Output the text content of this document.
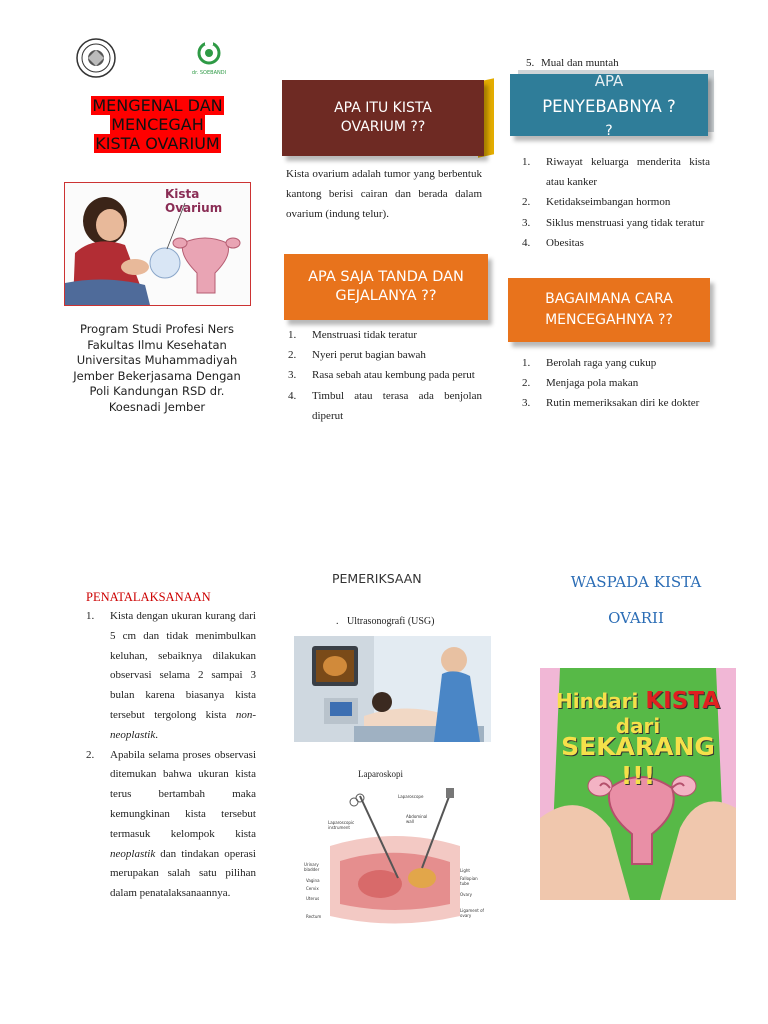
dr. SOEBANDI
MENGENAL DAN
MENCEGAH
KISTA OVARIUM
Kista Ovarium
Program Studi Profesi Ners Fakultas Ilmu Kesehatan Universitas Muhammadiyah Jember Bekerjasama Dengan Poli Kandungan RSD dr. Koesnadi Jember
APA ITU KISTA OVARIUM ??
Kista ovarium adalah tumor yang berbentuk kantong berisi cairan dan berada dalam ovarium (indung telur).
APA SAJA TANDA DAN GEJALANYA ??
1. Menstruasi tidak teratur
2. Nyeri perut bagian bawah
3. Rasa sebah atau kembung pada perut
4. Timbul atau terasa ada benjolan diperut
5. Mual dan muntah
APA
PENYEBABNYA ?
?
1. Riwayat keluarga menderita kista atau kanker
2. Ketidakseimbangan hormon
3. Siklus menstruasi yang tidak teratur
4. Obesitas
BAGAIMANA CARA MENCEGAHNYA ??
1. Berolah raga yang cukup
2. Menjaga pola makan
3. Rutin memeriksakan diri ke dokter
PENATALAKSANAAN
1. Kista dengan ukuran kurang dari 5 cm dan tidak menimbulkan keluhan, sebaiknya dilakukan observasi selama 2 sampai 3 bulan karena biasanya kista tersebut tergolong kista non-neoplastik.
2. Apabila selama proses observasi ditemukan bahwa ukuran kista terus bertambah maka kemungkinan kista tersebut termasuk kelompok kista neoplastik dan tindakan operasi merupakan salah satu pilihan dalam penatalaksanaannya.
PEMERIKSAAN
. Ultrasonografi (USG)
Laparoskopi
Laparoscope
Abdominal wall
Laparoscopic instrument
Urinary bladder
Vagina
Cervix
Uterus
Rectum
Light
Fallopian tube
Ovary
Ligament of ovary
WASPADA KISTA
OVARII
Hindari KISTA dari
SEKARANG !!!
